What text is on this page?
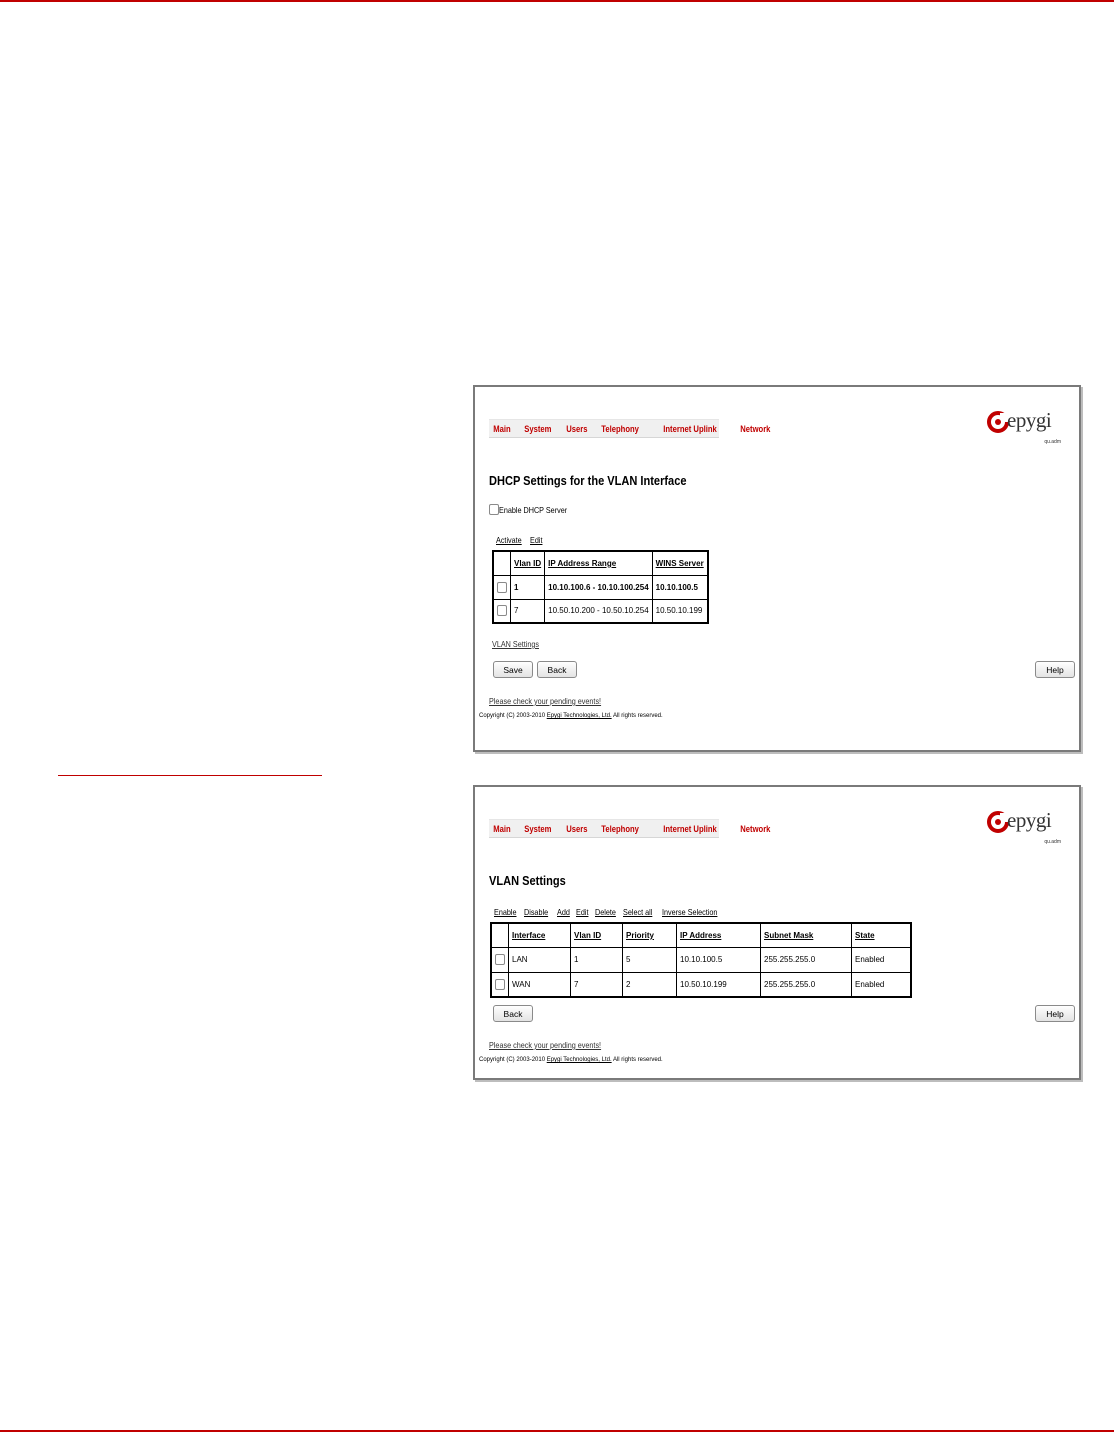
Main	System	Users	Telephony	Internet Uplink	Network	epygi
qu.adm
DHCP Settings for the VLAN Interface
Enable DHCP Server
Activate Edit
	Vlan ID	IP Address Range	WINS Server
	1	10.10.100.6 - 10.10.100.254	10.10.100.5
	7	10.50.10.200 - 10.50.10.254	10.50.10.199
VLAN Settings
Save	Back	Help
Please check your pending events!
Copyright (C) 2003-2010 Epygi Technologies, Ltd. All rights reserved.
Main	System	Users	Telephony	Internet Uplink	Network	epygi
qu.adm
VLAN Settings
Enable Disable Add Edit Delete Select all Inverse Selection
	Interface	Vlan ID	Priority	IP Address	Subnet Mask	State
	LAN	1	5	10.10.100.5	255.255.255.0	Enabled
	WAN	7	2	10.50.10.199	255.255.255.0	Enabled
Back	Help
Please check your pending events!
Copyright (C) 2003-2010 Epygi Technologies, Ltd. All rights reserved.
